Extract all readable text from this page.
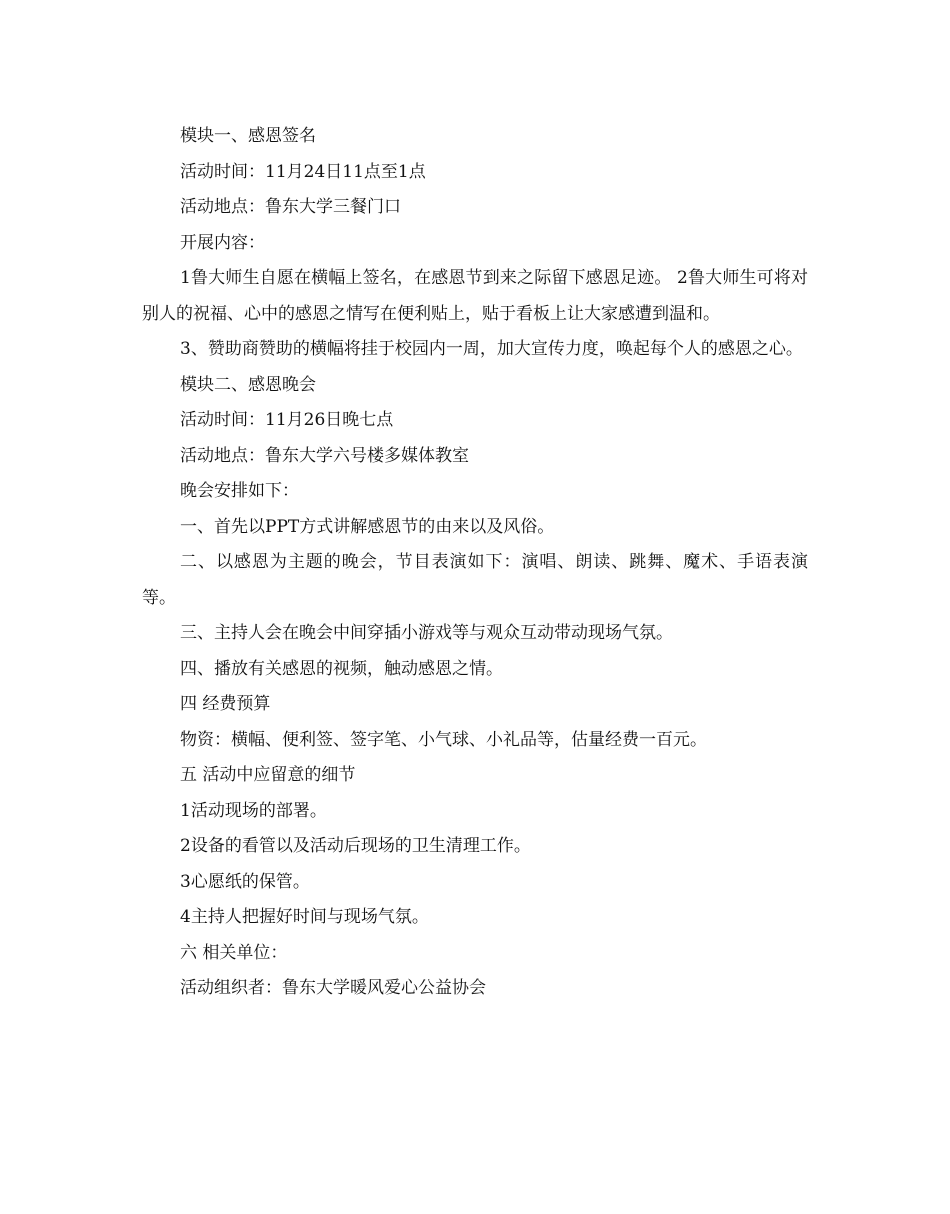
模块一、感恩签名

活动时间：11月24日11点至1点

活动地点：鲁东大学三餐门口

开展内容：

1鲁大师生自愿在横幅上签名，在感恩节到来之际留下感恩足迹。 2鲁大师生可将对别人的祝福、心中的感恩之情写在便利贴上，贴于看板上让大家感遭到温和。

3、赞助商赞助的横幅将挂于校园内一周，加大宣传力度，唤起每个人的感恩之心。

模块二、感恩晚会

活动时间：11月26日晚七点

活动地点：鲁东大学六号楼多媒体教室

晚会安排如下：

一、首先以PPT方式讲解感恩节的由来以及风俗。

二、以感恩为主题的晚会，节目表演如下：演唱、朗读、跳舞、魔术、手语表演等。

三、主持人会在晚会中间穿插小游戏等与观众互动带动现场气氛。

四、播放有关感恩的视频，触动感恩之情。

四 经费预算

物资：横幅、便利签、签字笔、小气球、小礼品等，估量经费一百元。

五 活动中应留意的细节

1活动现场的部署。

2设备的看管以及活动后现场的卫生清理工作。

3心愿纸的保管。

4主持人把握好时间与现场气氛。

六 相关单位：

活动组织者：鲁东大学暖风爱心公益协会
